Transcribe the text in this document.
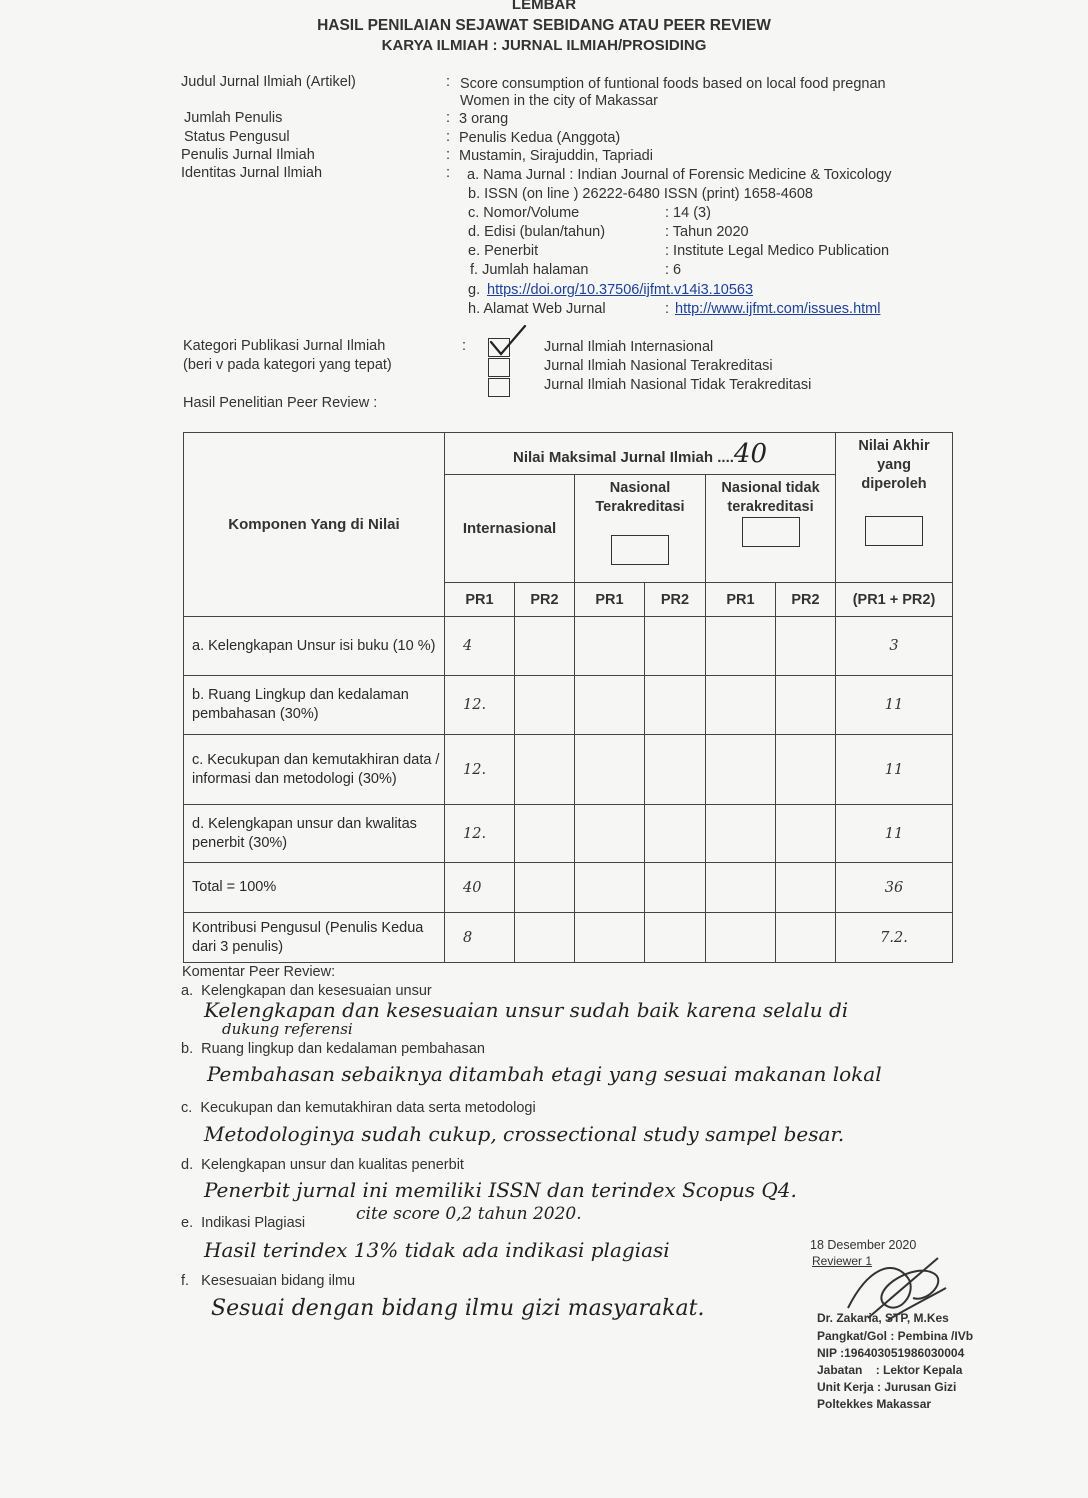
LEMBAR
HASIL PENILAIAN SEJAWAT SEBIDANG ATAU PEER REVIEW
KARYA ILMIAH : JURNAL ILMIAH/PROSIDING
Judul Jurnal Ilmiah (Artikel)	: Score consumption of funtional foods based on local food pregnan
Women in the city of Makassar
Jumlah Penulis	: 3 orang
Status Pengusul	: Penulis Kedua (Anggota)
Penulis Jurnal Ilmiah	: Mustamin, Sirajuddin, Tapriadi
Identitas Jurnal Ilmiah	: a. Nama Jurnal : Indian Journal of Forensic Medicine & Toxicology
b. ISSN (on line ) 26222-6480 ISSN (print) 1658-4608
c. Nomor/Volume	: 14 (3)
d. Edisi (bulan/tahun)	: Tahun 2020
e. Penerbit	: Institute Legal Medico Publication
f. Jumlah halaman	: 6
g. https://doi.org/10.37506/ijfmt.v14i3.10563
h. Alamat Web Jurnal	: http://www.ijfmt.com/issues.html
Kategori Publikasi Jurnal Ilmiah
(beri v pada kategori yang tepat)
:	Jurnal Ilmiah Internasional
Jurnal Ilmiah Nasional Terakreditasi
Jurnal Ilmiah Nasional Tidak Terakreditasi
Hasil Penelitian Peer Review :
Komponen Yang di Nilai	Nilai Maksimal Jurnal Ilmiah ....40						Nilai Akhir yang diperoleh

	Internasional		Nasional Terakreditasi		Nasional tidak terakreditasi		

	PR1	PR2	PR1	PR2	PR1	PR2	(PR1 + PR2)
a. Kelengkapan Unsur isi buku (10 %)	4						3
b. Ruang Lingkup dan kedalaman pembahasan (30%)	12.						11
c. Kecukupan dan kemutakhiran data / informasi dan metodologi (30%)	12.						11
d. Kelengkapan unsur dan kwalitas penerbit (30%)	12.						11
Total = 100%	40						36
Kontribusi Pengusul (Penulis Kedua dari 3 penulis)	8						7.2.
Komentar Peer Review:
a.  Kelengkapan dan kesesuaian unsur
Kelengkapan dan kesesuaian unsur sudah baik karena selalu di
dukung referensi
b.  Ruang lingkup dan kedalaman pembahasan
Pembahasan sebaiknya ditambah etagi yang sesuai makanan lokal
c.  Kecukupan dan kemutakhiran data serta metodologi
Metodologinya sudah cukup, crossectional study sampel besar.
d.  Kelengkapan unsur dan kualitas penerbit
Penerbit jurnal ini memiliki ISSN dan terindex Scopus Q4.
cite score 0,2 tahun 2020.
e.  Indikasi Plagiasi
Hasil terindex 13% tidak ada indikasi plagiasi
f.   Kesesuaian bidang ilmu
Sesuai dengan bidang ilmu gizi masyarakat.
18 Desember 2020
Reviewer 1
Dr. Zakaria, STP, M.Kes
Pangkat/Gol : Pembina /IVb
NIP :196403051986030004
Jabatan    : Lektor Kepala
Unit Kerja : Jurusan Gizi
Poltekkes Makassar
